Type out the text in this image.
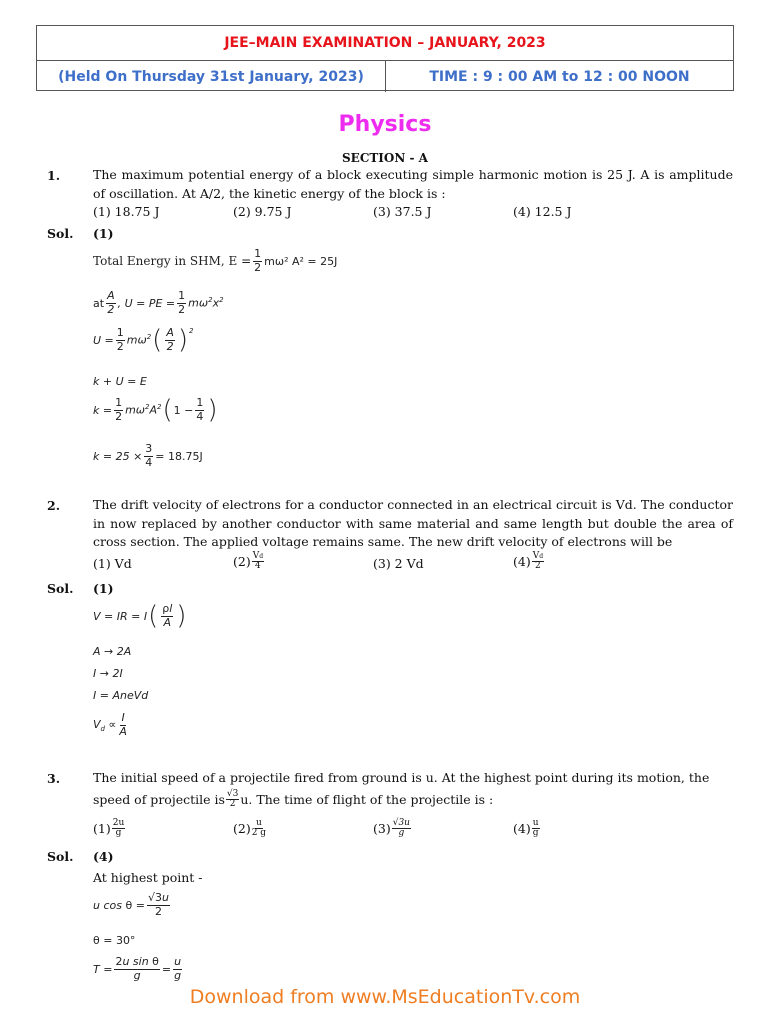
JEE–MAIN EXAMINATION – JANUARY, 2023
(Held On Thursday 31st January, 2023)	TIME : 9 : 00 AM to 12 : 00 NOON
Physics
SECTION - A
1.	The maximum potential energy of a block executing simple harmonic motion is 25 J. A is amplitude of oscillation. At A/2, the kinetic energy of the block is :
(1) 18.75 J	(2) 9.75 J	(3) 37.5 J	(4) 12.5 J
Sol. (1)
Total Energy in SHM, $E = \frac{1}{2} m\omega^2$ A² = 25J
at $\frac{A}{2}$ , U = PE = $\frac{1}{2} m\omega^2x^2$
$U = \frac{1}{2} m\omega^2$ ( $\frac{A}{2}$ ) 2
k + U = E
$k = \frac{1}{2} m\omega^2A^2$ ( $1 - \frac{1}{4}$ )
$k = 25 \times \frac{3}{4} = 18.75J$
2.	The drift velocity of electrons for a conductor connected in an electrical circuit is Vd. The conductor in now replaced by another conductor with same material and same length but double the area of cross section. The applied voltage remains same. The new drift velocity of electrons will be
(1) Vd	(2) Vd
4	(3) 2 Vd	(4) Vd
2
Sol. (1)
V = IR = I ( $\frac{\rho l}{A}$ )
A → 2A
I → 2I
I = AneVd
$V_d \propto \frac{I}{A}$
3.	The initial speed of a projectile fired from ground is u. At the highest point during its motion, the
speed of projectile is √3
2 u. The time of flight of the projectile is :
(1) 2u
g	(2) u
2 g	(3) √3u
g	(4) u
g
Sol. (4)
At highest point -
u $\cos \theta = \frac{√3u}{2}$
θ = 30°
$T = \frac{\text{2u sin θ}}{g} = \frac{u}{g}$
Download from www.MsEducationTv.com
